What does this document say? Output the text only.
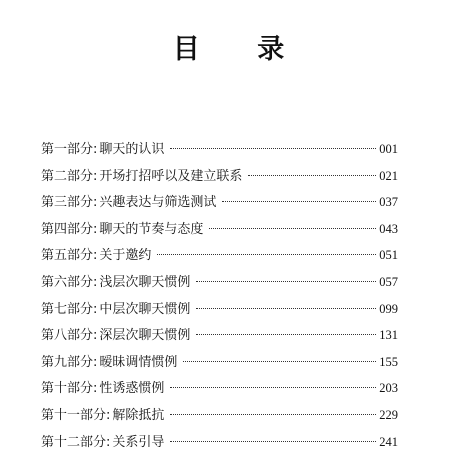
目 录
第一部分 : 聊天的认识	001
第二部分 : 开场打招呼以及建立联系	021
第三部分 : 兴趣表达与筛选测试	037
第四部分 : 聊天的节奏与态度	043
第五部分 : 关于邀约	051
第六部分 : 浅层次聊天惯例	057
第七部分 : 中层次聊天惯例	099
第八部分 : 深层次聊天惯例	131
第九部分 : 暧昧调情惯例	155
第十部分 : 性诱惑惯例	203
第十一部分 : 解除抵抗	229
第十二部分 : 关系引导	241
